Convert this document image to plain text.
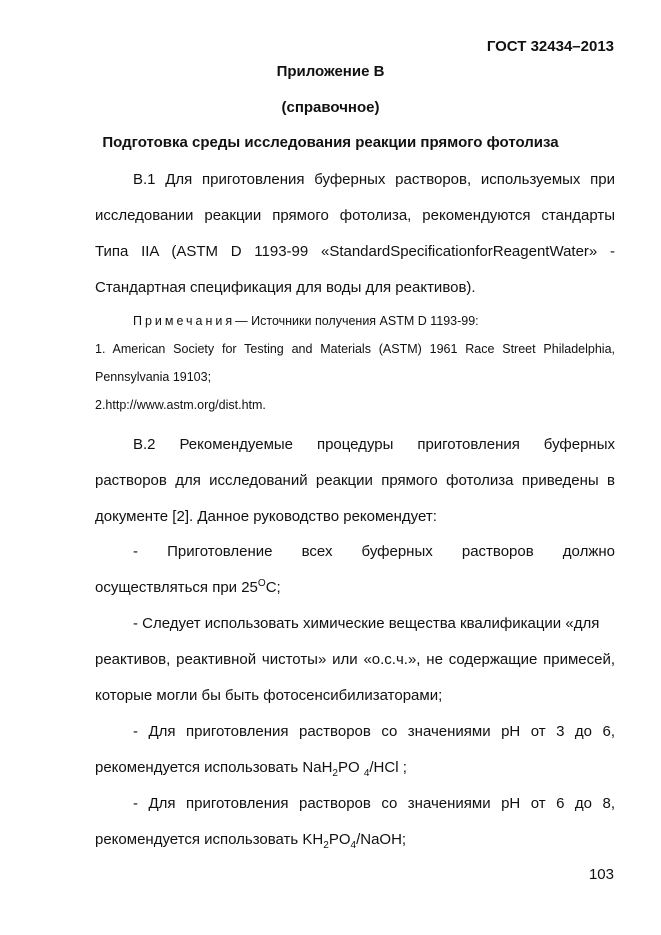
ГОСТ 32434–2013
Приложение В
(справочное)
Подготовка среды исследования реакции прямого фотолиза
В.1 Для приготовления буферных растворов, используемых при
исследовании реакции прямого фотолиза, рекомендуются стандарты
Типа IIA (ASTM D 1193-99 «StandardSpecificationforReagentWater» -
Стандартная спецификация для воды для реактивов).
Примечания— Источники получения ASTM D 1193-99:
1. American Society for Testing and Materials (ASTM) 1961 Race Street Philadelphia,
Pennsylvania 19103;
2.http://www.astm.org/dist.htm.
В.2 Рекомендуемые процедуры приготовления буферных
растворов для исследований реакции прямого фотолиза приведены в
документе [2]. Данное руководство рекомендует:
- Приготовление всех буферных растворов должно
осуществляться при $25^OC$;
- Следует использовать химические вещества квалификации «для
реактивов, реактивной чистоты» или «о.с.ч.», не содержащие примесей,
которые могли бы быть фотосенсибилизаторами;
- Для приготовления растворов со значениями рН от 3 до 6,
рекомендуется использовать NaH$_2$PO $_4$/HCl ;
- Для приготовления растворов со значениями рН от 6 до 8,
рекомендуется использовать $KH_2PO_4$/NaOH;
103
